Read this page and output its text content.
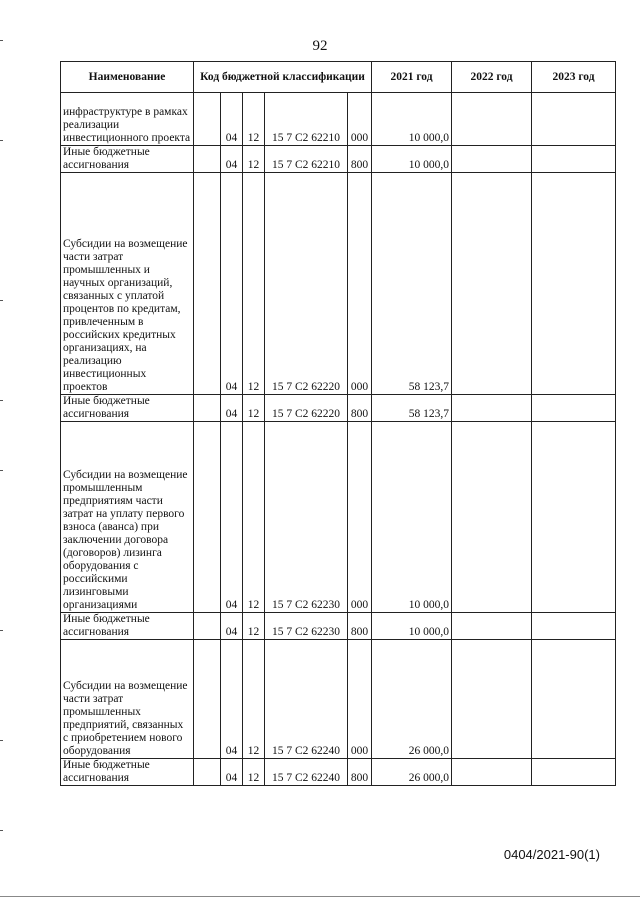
92
Наименование	Код бюджетной классификации					2021 год	2022 год	2023 год
инфраструктуре в рамках реализации инвестиционного проекта		04	12	15 7 С2 62210	000	10 000,0		
Иные бюджетные ассигнования		04	12	15 7 С2 62210	800	10 000,0		
Субсидии на возмещение части затрат промышленных и научных организаций, связанных с уплатой процентов по кредитам, привлеченным в российских кредитных организациях, на реализацию инвестиционных проектов		04	12	15 7 С2 62220	000	58 123,7		
Иные бюджетные ассигнования		04	12	15 7 С2 62220	800	58 123,7		
Субсидии на возмещение промышленным предприятиям части затрат на уплату первого взноса (аванса) при заключении договора (договоров) лизинга оборудования с российскими лизинговыми организациями		04	12	15 7 С2 62230	000	10 000,0		
Иные бюджетные ассигнования		04	12	15 7 С2 62230	800	10 000,0		
Субсидии на возмещение части затрат промышленных предприятий, связанных с приобретением нового оборудования		04	12	15 7 С2 62240	000	26 000,0		
Иные бюджетные ассигнования		04	12	15 7 С2 62240	800	26 000,0		
0404/2021-90(1)
